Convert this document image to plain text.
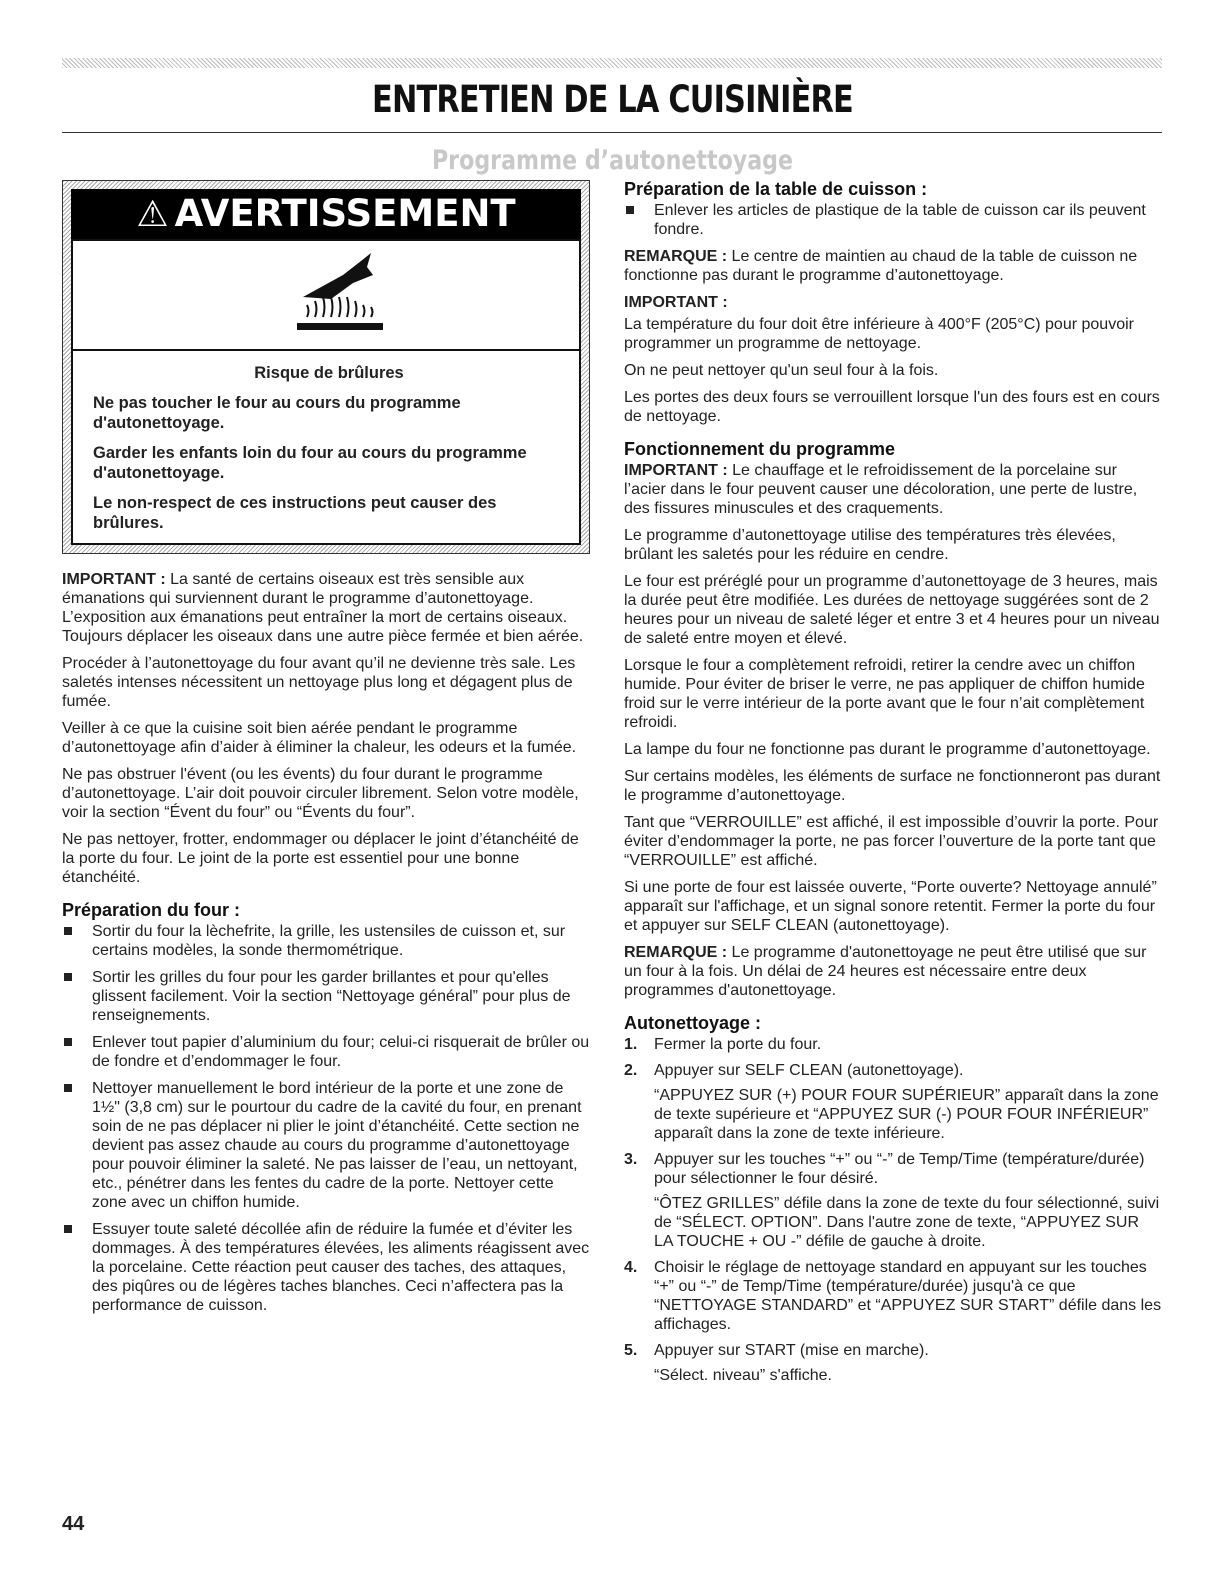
ENTRETIEN DE LA CUISINIÈRE
Programme d’autonettoyage
⚠ AVERTISSEMENT

Risque de brûlures

Ne pas toucher le four au cours du programme d'autonettoyage.

Garder les enfants loin du four au cours du programme d'autonettoyage.

Le non-respect de ces instructions peut causer des brûlures.

IMPORTANT : La santé de certains oiseaux est très sensible aux émanations qui surviennent durant le programme d’autonettoyage. L’exposition aux émanations peut entraîner la mort de certains oiseaux. Toujours déplacer les oiseaux dans une autre pièce fermée et bien aérée.

Procéder à l’autonettoyage du four avant qu’il ne devienne très sale. Les saletés intenses nécessitent un nettoyage plus long et dégagent plus de fumée.

Veiller à ce que la cuisine soit bien aérée pendant le programme d’autonettoyage afin d’aider à éliminer la chaleur, les odeurs et la fumée.

Ne pas obstruer l'évent (ou les évents) du four durant le programme d’autonettoyage. L’air doit pouvoir circuler librement. Selon votre modèle, voir la section “Évent du four” ou “Évents du four”.

Ne pas nettoyer, frotter, endommager ou déplacer le joint d’étanchéité de la porte du four. Le joint de la porte est essentiel pour une bonne étanchéité.

Préparation du four :
Sortir du four la lèchefrite, la grille, les ustensiles de cuisson et, sur certains modèles, la sonde thermométrique.
Sortir les grilles du four pour les garder brillantes et pour qu'elles glissent facilement. Voir la section “Nettoyage général” pour plus de renseignements.
Enlever tout papier d’aluminium du four; celui-ci risquerait de brûler ou de fondre et d’endommager le four.
Nettoyer manuellement le bord intérieur de la porte et une zone de 1½" (3,8 cm) sur le pourtour du cadre de la cavité du four, en prenant soin de ne pas déplacer ni plier le joint d’étanchéité. Cette section ne devient pas assez chaude au cours du programme d’autonettoyage pour pouvoir éliminer la saleté. Ne pas laisser de l’eau, un nettoyant, etc., pénétrer dans les fentes du cadre de la porte. Nettoyer cette zone avec un chiffon humide.
Essuyer toute saleté décollée afin de réduire la fumée et d’éviter les dommages. À des températures élevées, les aliments réagissent avec la porcelaine. Cette réaction peut causer des taches, des attaques, des piqûres ou de légères taches blanches. Ceci n’affectera pas la performance de cuisson.
Préparation de la table de cuisson :
Enlever les articles de plastique de la table de cuisson car ils peuvent fondre.

REMARQUE : Le centre de maintien au chaud de la table de cuisson ne fonctionne pas durant le programme d’autonettoyage.

IMPORTANT :

La température du four doit être inférieure à 400°F (205°C) pour pouvoir programmer un programme de nettoyage.

On ne peut nettoyer qu'un seul four à la fois.

Les portes des deux fours se verrouillent lorsque l'un des fours est en cours de nettoyage.

Fonctionnement du programme

IMPORTANT : Le chauffage et le refroidissement de la porcelaine sur l’acier dans le four peuvent causer une décoloration, une perte de lustre, des fissures minuscules et des craquements.

Le programme d’autonettoyage utilise des températures très élevées, brûlant les saletés pour les réduire en cendre.

Le four est préréglé pour un programme d’autonettoyage de 3 heures, mais la durée peut être modifiée. Les durées de nettoyage suggérées sont de 2 heures pour un niveau de saleté léger et entre 3 et 4 heures pour un niveau de saleté entre moyen et élevé.

Lorsque le four a complètement refroidi, retirer la cendre avec un chiffon humide. Pour éviter de briser le verre, ne pas appliquer de chiffon humide froid sur le verre intérieur de la porte avant que le four n’ait complètement refroidi.

La lampe du four ne fonctionne pas durant le programme d’autonettoyage.

Sur certains modèles, les éléments de surface ne fonctionneront pas durant le programme d’autonettoyage.

Tant que “VERROUILLE” est affiché, il est impossible d’ouvrir la porte. Pour éviter d’endommager la porte, ne pas forcer l’ouverture de la porte tant que “VERROUILLE” est affiché.

Si une porte de four est laissée ouverte, “Porte ouverte? Nettoyage annulé” apparaît sur l'affichage, et un signal sonore retentit. Fermer la porte du four et appuyer sur SELF CLEAN (autonettoyage).

REMARQUE : Le programme d'autonettoyage ne peut être utilisé que sur un four à la fois. Un délai de 24 heures est nécessaire entre deux programmes d'autonettoyage.

Autonettoyage :
1. Fermer la porte du four.
2. Appuyer sur SELF CLEAN (autonettoyage).
“APPUYEZ SUR (+) POUR FOUR SUPÉRIEUR” apparaît dans la zone de texte supérieure et “APPUYEZ SUR (-) POUR FOUR INFÉRIEUR” apparaît dans la zone de texte inférieure.
3. Appuyer sur les touches “+” ou “-” de Temp/Time (température/durée) pour sélectionner le four désiré.
“ÔTEZ GRILLES” défile dans la zone de texte du four sélectionné, suivi de “SÉLECT. OPTION”. Dans l'autre zone de texte, “APPUYEZ SUR LA TOUCHE + OU -” défile de gauche à droite.
4. Choisir le réglage de nettoyage standard en appuyant sur les touches “+” ou “-” de Temp/Time (température/durée) jusqu'à ce que “NETTOYAGE STANDARD” et “APPUYEZ SUR START” défile dans les affichages.
5. Appuyer sur START (mise en marche).
“Sélect. niveau” s'affiche.
44
